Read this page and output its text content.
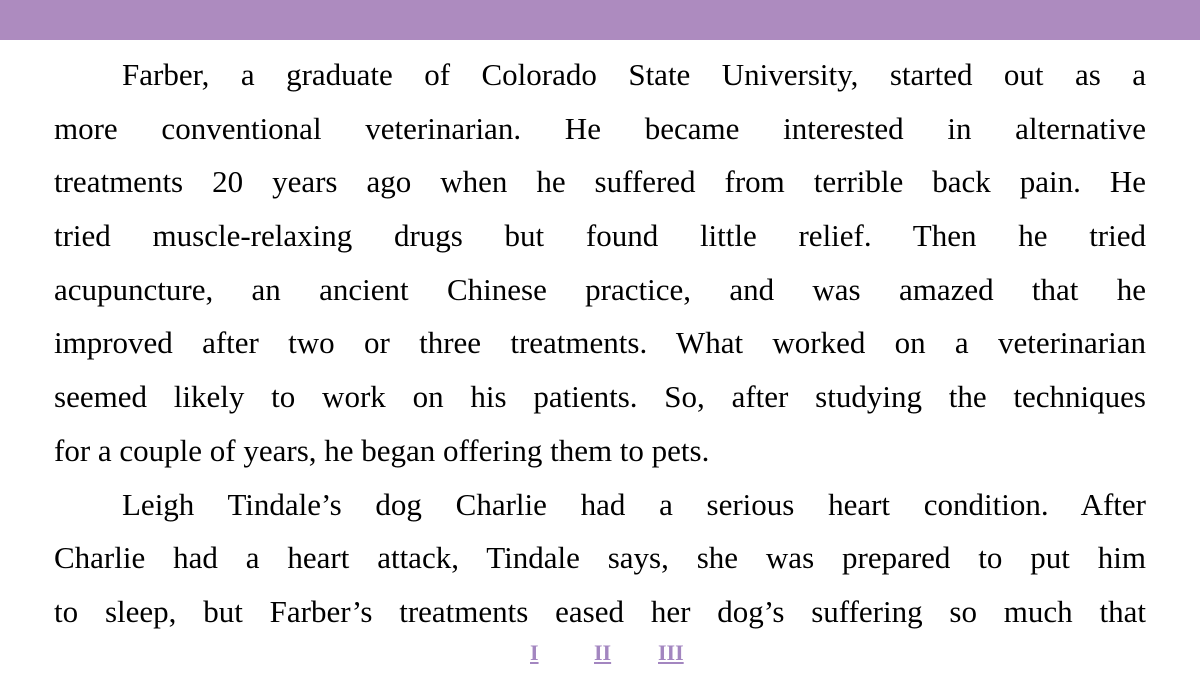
Farber, a graduate of Colorado State University, started out as a
more conventional veterinarian. He became interested in alternative
treatments 20 years ago when he suffered from terrible back pain. He
tried muscle-relaxing drugs but found little relief. Then he tried
acupuncture, an ancient Chinese practice, and was amazed that he
improved after two or three treatments. What worked on a veterinarian
seemed likely to work on his patients. So, after studying the techniques
for a couple of years, he began offering them to pets.
Leigh Tindale’s dog Charlie had a serious heart condition. After
Charlie had a heart attack, Tindale says, she was prepared to put him
to sleep, but Farber’s treatments eased her dog’s suffering so much that
I	II III
